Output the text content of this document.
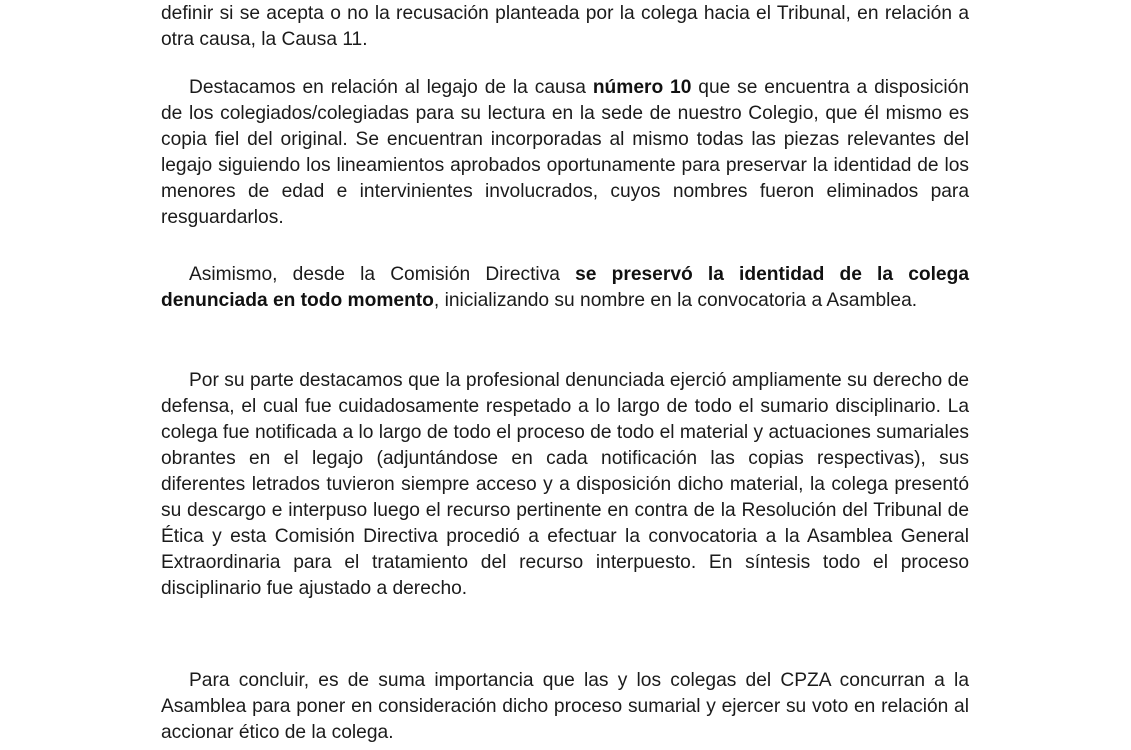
definir si se acepta o no la recusación planteada por la colega hacia el Tribunal, en relación a otra causa, la Causa 11.

Destacamos en relación al legajo de la causa número 10 que se encuentra a disposición de los colegiados/colegiadas para su lectura en la sede de nuestro Colegio, que él mismo es copia fiel del original. Se encuentran incorporadas al mismo todas las piezas relevantes del legajo siguiendo los lineamientos aprobados oportunamente para preservar la identidad de los menores de edad e intervinientes involucrados, cuyos nombres fueron eliminados para resguardarlos.

Asimismo, desde la Comisión Directiva se preservó la identidad de la colega denunciada en todo momento, inicializando su nombre en la convocatoria a Asamblea.

Por su parte destacamos que la profesional denunciada ejerció ampliamente su derecho de defensa, el cual fue cuidadosamente respetado a lo largo de todo el sumario disciplinario. La colega fue notificada a lo largo de todo el proceso de todo el material y actuaciones sumariales obrantes en el legajo (adjuntándose en cada notificación las copias respectivas), sus diferentes letrados tuvieron siempre acceso y a disposición dicho material, la colega presentó su descargo e interpuso luego el recurso pertinente en contra de la Resolución del Tribunal de Ética y esta Comisión Directiva procedió a efectuar la convocatoria a la Asamblea General Extraordinaria para el tratamiento del recurso interpuesto. En síntesis todo el proceso disciplinario fue ajustado a derecho.

Para concluir, es de suma importancia que las y los colegas del CPZA concurran a la Asamblea para poner en consideración dicho proceso sumarial y ejercer su voto en relación al accionar ético de la colega.
